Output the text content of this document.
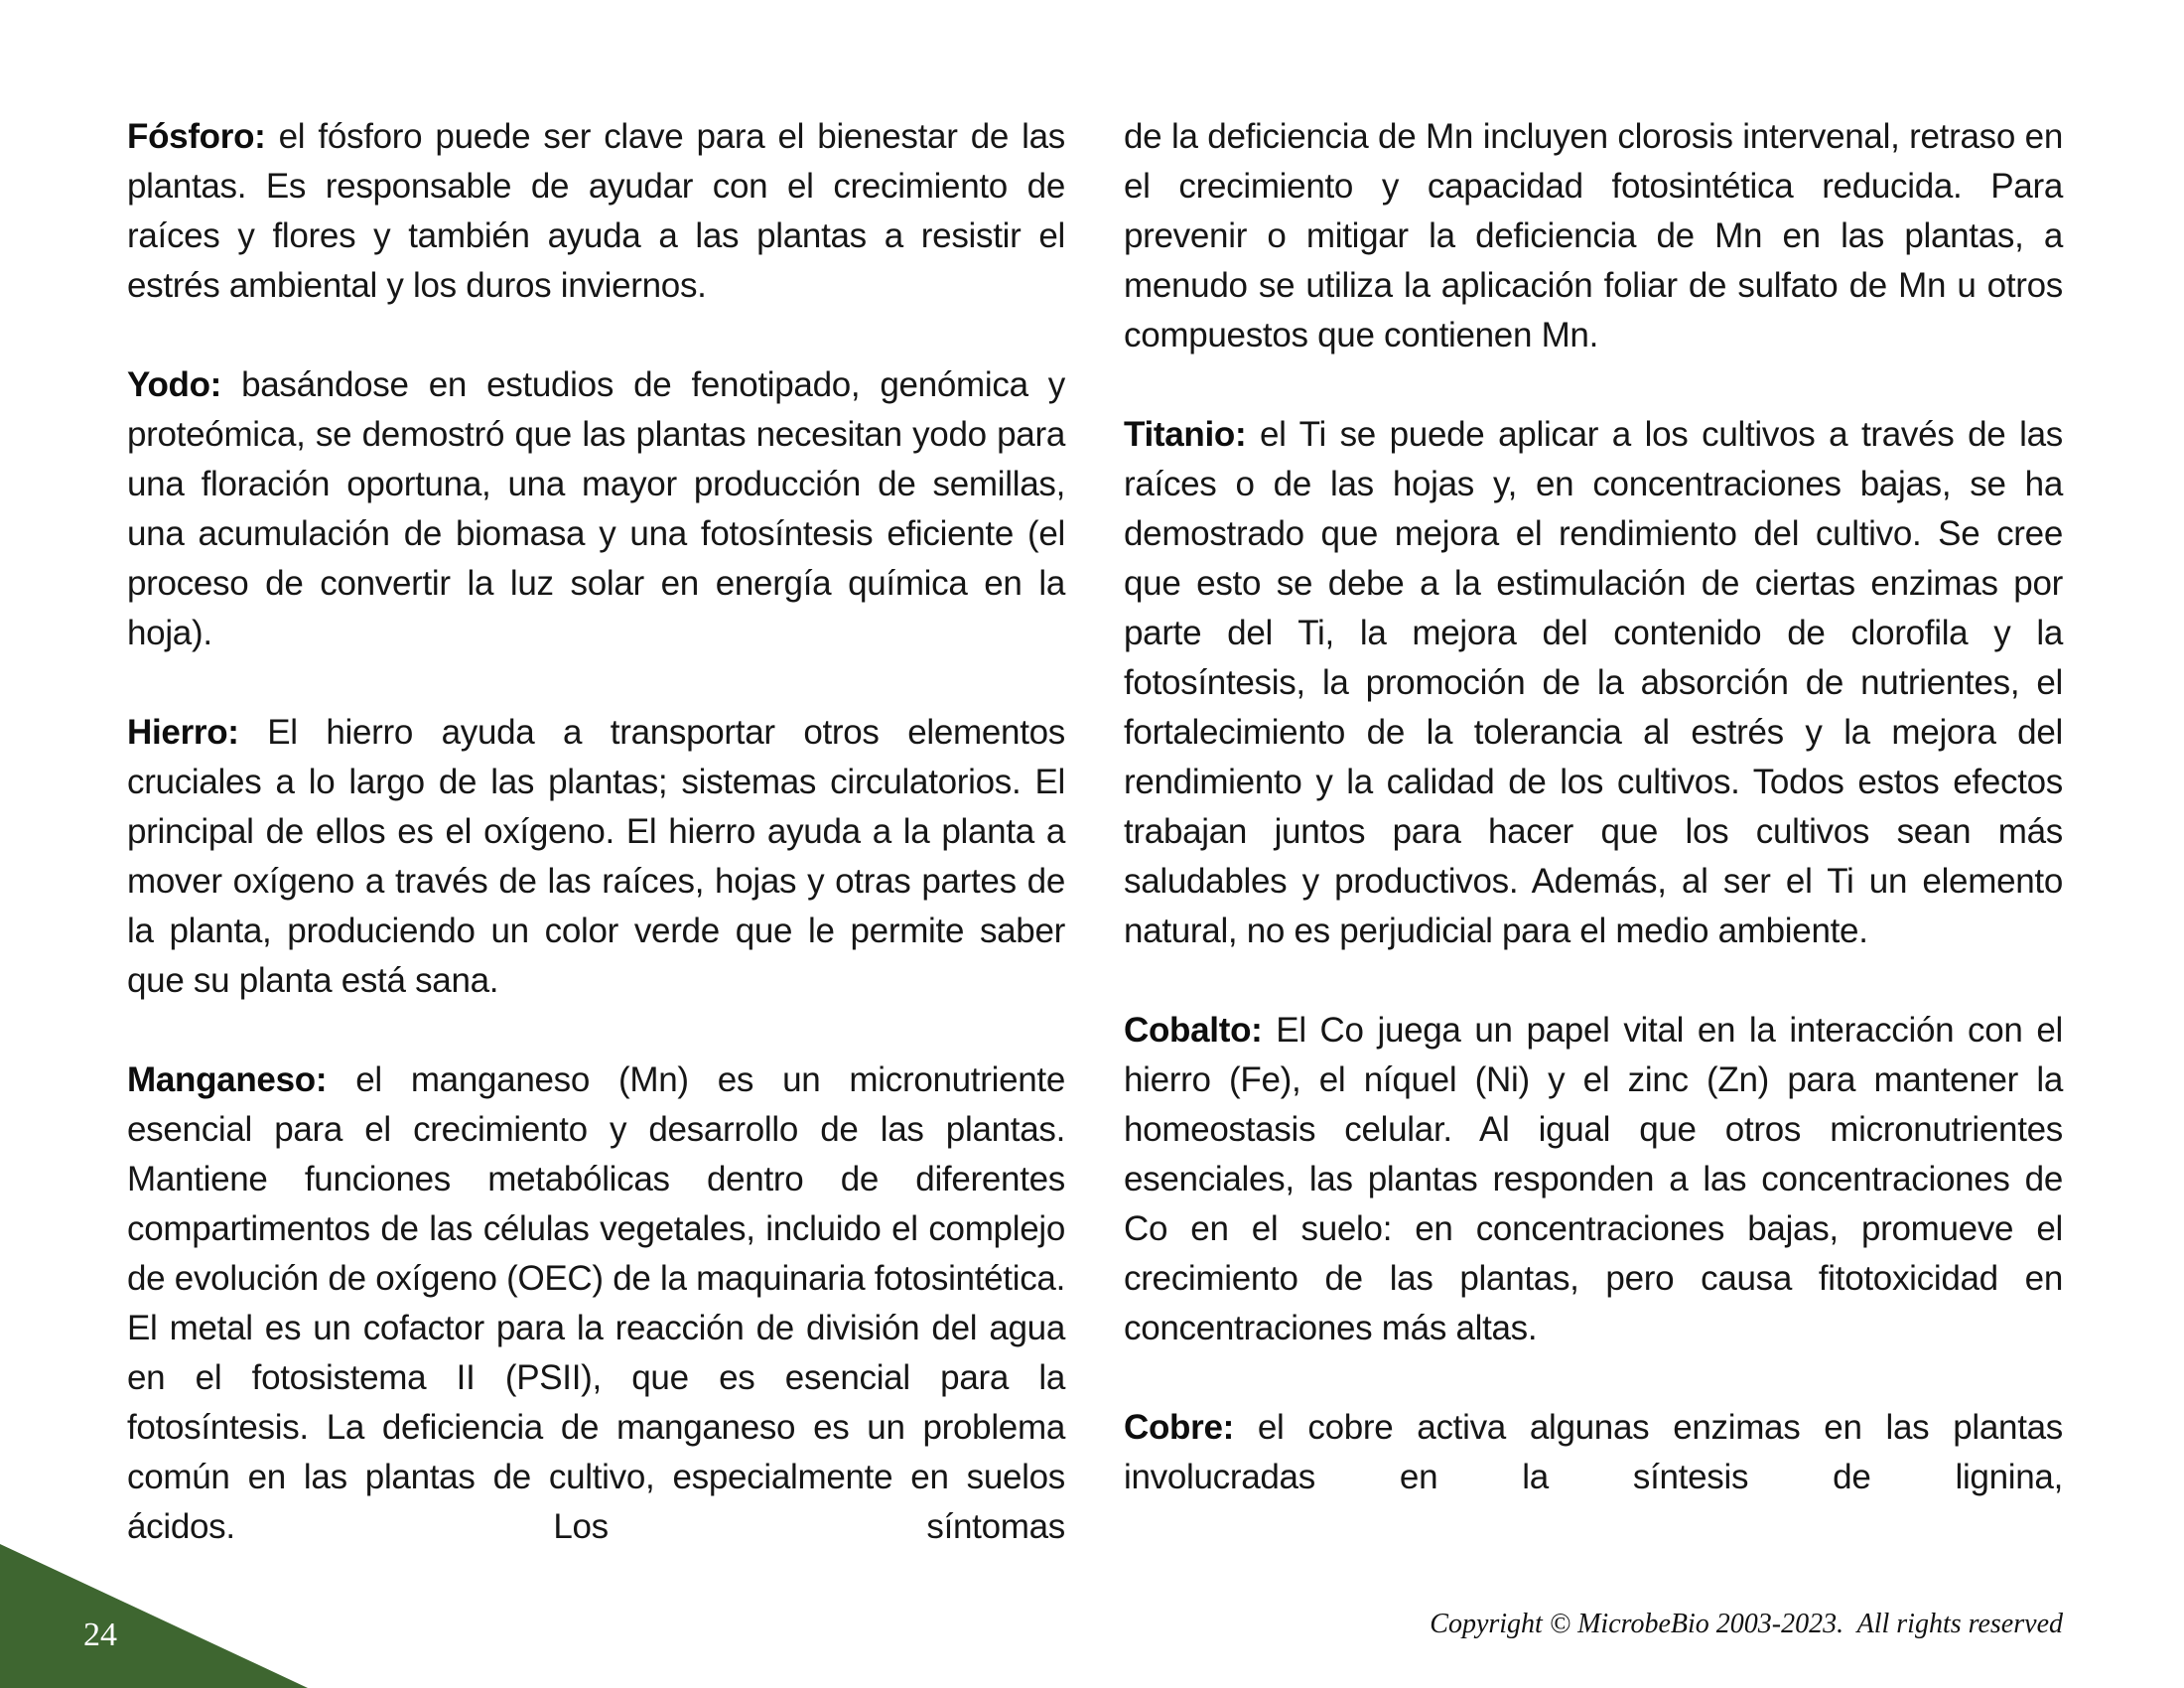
Fósforo: el fósforo puede ser clave para el bienestar de las plantas. Es responsable de ayudar con el crecimiento de raíces y flores y también ayuda a las plantas a resistir el estrés ambiental y los duros inviernos.

Yodo: basándose en estudios de fenotipado, genómica y proteómica, se demostró que las plantas necesitan yodo para una floración oportuna, una mayor producción de semillas, una acumulación de biomasa y una fotosíntesis eficiente (el proceso de convertir la luz solar en energía química en la hoja).

Hierro: El hierro ayuda a transportar otros elementos cruciales a lo largo de las plantas; sistemas circulatorios. El principal de ellos es el oxígeno. El hierro ayuda a la planta a mover oxígeno a través de las raíces, hojas y otras partes de la planta, produciendo un color verde que le permite saber que su planta está sana.

Manganeso: el manganeso (Mn) es un micronutriente esencial para el crecimiento y desarrollo de las plantas. Mantiene funciones metabólicas dentro de diferentes compartimentos de las células vegetales, incluido el complejo de evolución de oxígeno (OEC) de la maquinaria fotosintética. El metal es un cofactor para la reacción de división del agua en el fotosistema II (PSII), que es esencial para la fotosíntesis. La deficiencia de manganeso es un problema común en las plantas de cultivo, especialmente en suelos ácidos. Los síntomas

de la deficiencia de Mn incluyen clorosis intervenal, retraso en el crecimiento y capacidad fotosintética reducida. Para prevenir o mitigar la deficiencia de Mn en las plantas, a menudo se utiliza la aplicación foliar de sulfato de Mn u otros compuestos que contienen Mn.

Titanio: el Ti se puede aplicar a los cultivos a través de las raíces o de las hojas y, en concentraciones bajas, se ha demostrado que mejora el rendimiento del cultivo. Se cree que esto se debe a la estimulación de ciertas enzimas por parte del Ti, la mejora del contenido de clorofila y la fotosíntesis, la promoción de la absorción de nutrientes, el fortalecimiento de la tolerancia al estrés y la mejora del rendimiento y la calidad de los cultivos. Todos estos efectos trabajan juntos para hacer que los cultivos sean más saludables y productivos. Además, al ser el Ti un elemento natural, no es perjudicial para el medio ambiente.

Cobalto: El Co juega un papel vital en la interacción con el hierro (Fe), el níquel (Ni) y el zinc (Zn) para mantener la homeostasis celular. Al igual que otros micronutrientes esenciales, las plantas responden a las concentraciones de Co en el suelo: en concentraciones bajas, promueve el crecimiento de las plantas, pero causa fitotoxicidad en concentraciones más altas.

Cobre: el cobre activa algunas enzimas en las plantas involucradas en la síntesis de lignina,

24	Copyright © MicrobeBio 2003-2023.  All rights reserved
